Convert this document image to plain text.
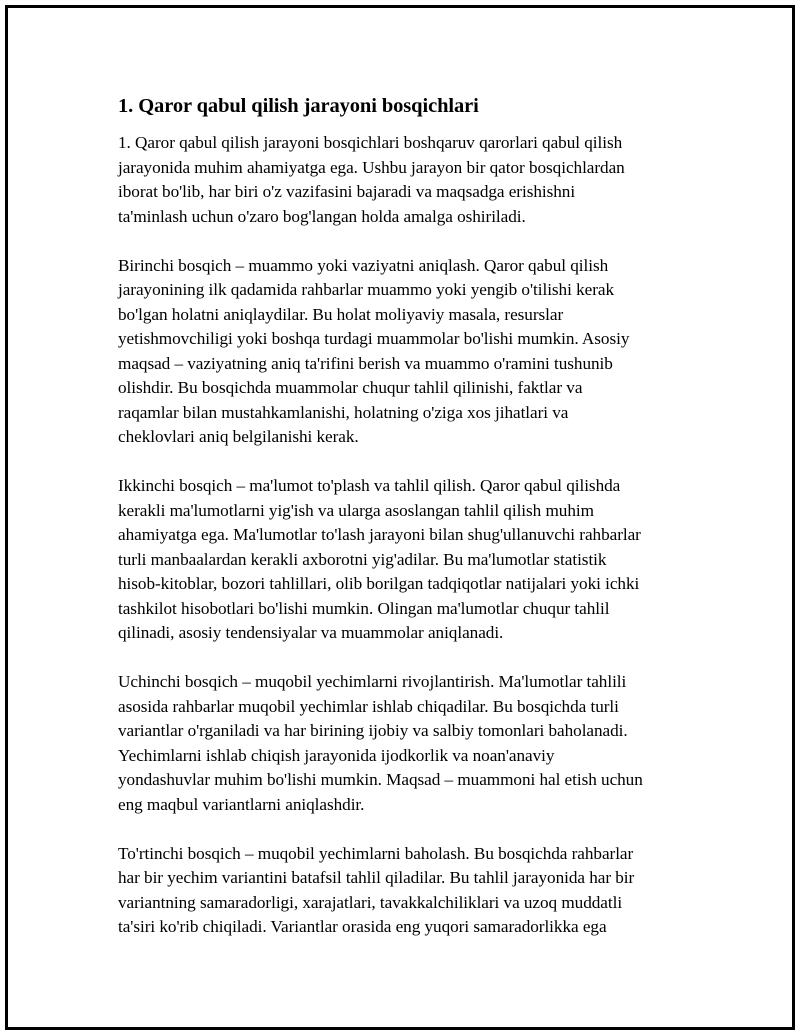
1. Qaror qabul qilish jarayoni bosqichlari

1. Qaror qabul qilish jarayoni bosqichlari boshqaruv qarorlari qabul qilish
jarayonida muhim ahamiyatga ega. Ushbu jarayon bir qator bosqichlardan
iborat bo'lib, har biri o'z vazifasini bajaradi va maqsadga erishishni
ta'minlash uchun o'zaro bog'langan holda amalga oshiriladi.

Birinchi bosqich – muammo yoki vaziyatni aniqlash. Qaror qabul qilish
jarayonining ilk qadamida rahbarlar muammo yoki yengib o'tilishi kerak
bo'lgan holatni aniqlaydilar. Bu holat moliyaviy masala, resurslar
yetishmovchiligi yoki boshqa turdagi muammolar bo'lishi mumkin. Asosiy
maqsad – vaziyatning aniq ta'rifini berish va muammo o'ramini tushunib
olishdir. Bu bosqichda muammolar chuqur tahlil qilinishi, faktlar va
raqamlar bilan mustahkamlanishi, holatning o'ziga xos jihatlari va
cheklovlari aniq belgilanishi kerak.

Ikkinchi bosqich – ma'lumot to'plash va tahlil qilish. Qaror qabul qilishda
kerakli ma'lumotlarni yig'ish va ularga asoslangan tahlil qilish muhim
ahamiyatga ega. Ma'lumotlar to'lash jarayoni bilan shug'ullanuvchi rahbarlar
turli manbaalardan kerakli axborotni yig'adilar. Bu ma'lumotlar statistik
hisob-kitoblar, bozori tahlillari, olib borilgan tadqiqotlar natijalari yoki ichki
tashkilot hisobotlari bo'lishi mumkin. Olingan ma'lumotlar chuqur tahlil
qilinadi, asosiy tendensiyalar va muammolar aniqlanadi.

Uchinchi bosqich – muqobil yechimlarni rivojlantirish. Ma'lumotlar tahlili
asosida rahbarlar muqobil yechimlar ishlab chiqadilar. Bu bosqichda turli
variantlar o'rganiladi va har birining ijobiy va salbiy tomonlari baholanadi.
Yechimlarni ishlab chiqish jarayonida ijodkorlik va noan'anaviy
yondashuvlar muhim bo'lishi mumkin. Maqsad – muammoni hal etish uchun
eng maqbul variantlarni aniqlashdir.

To'rtinchi bosqich – muqobil yechimlarni baholash. Bu bosqichda rahbarlar
har bir yechim variantini batafsil tahlil qiladilar. Bu tahlil jarayonida har bir
variantning samaradorligi, xarajatlari, tavakkalchiliklari va uzoq muddatli
ta'siri ko'rib chiqiladi. Variantlar orasida eng yuqori samaradorlikka ega
